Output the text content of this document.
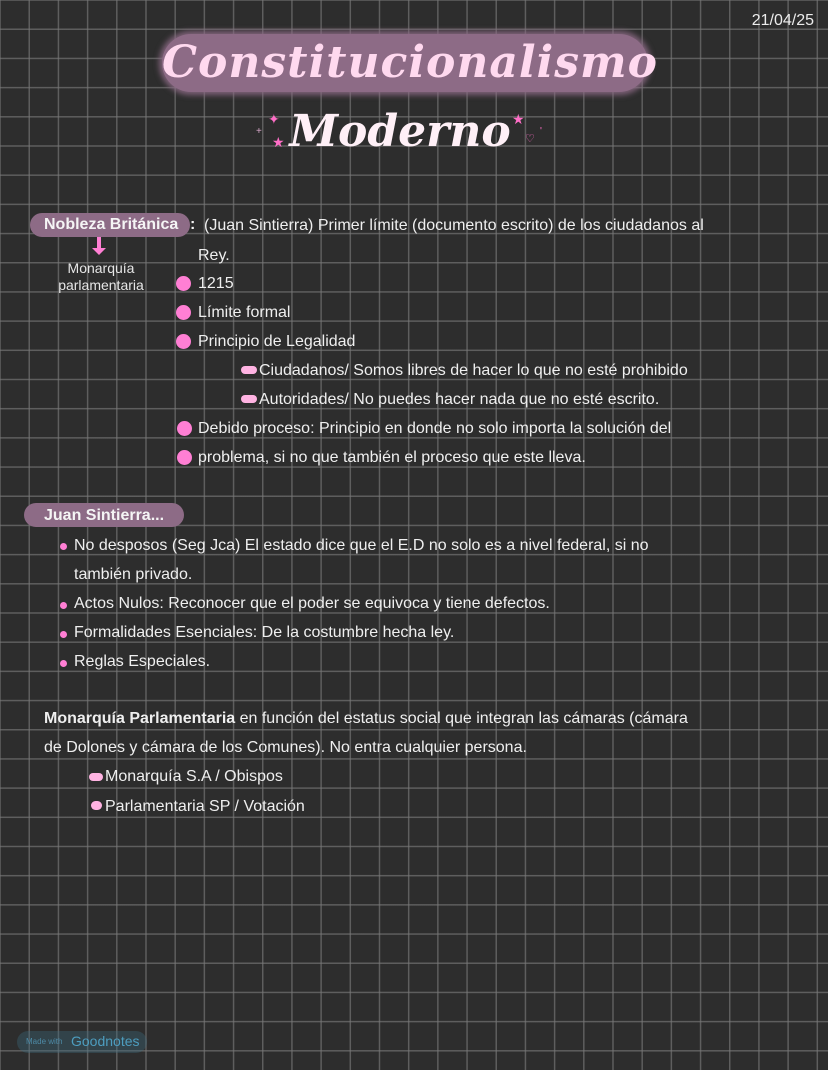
21/04/25
Constitucionalismo
Moderno
✦
+
★
★
♡
'
Nobleza Británica : (Juan Sintierra) Primer límite (documento escrito) de los ciudadanos al
Rey.
Monarquía
parlamentaria	1215
Límite formal
Principio de Legalidad
Ciudadanos/ Somos libres de hacer lo que no esté prohibido
Autoridades/ No puedes hacer nada que no esté escrito.
Debido proceso: Principio en donde no solo importa la solución del
problema, si no que también el proceso que este lleva.
Juan Sintierra...
No desposos (Seg Jca) El estado dice que el E.D no solo es a nivel federal, si no
también privado.
Actos Nulos: Reconocer que el poder se equivoca y tiene defectos.
Formalidades Esenciales: De la costumbre hecha ley.
Reglas Especiales.
Monarquía Parlamentaria en función del estatus social que integran las cámaras (cámara
de Dolones y cámara de los Comunes). No entra cualquier persona.
Monarquía S.A / Obispos
Parlamentaria SP / Votación
Made with Goodnotes
